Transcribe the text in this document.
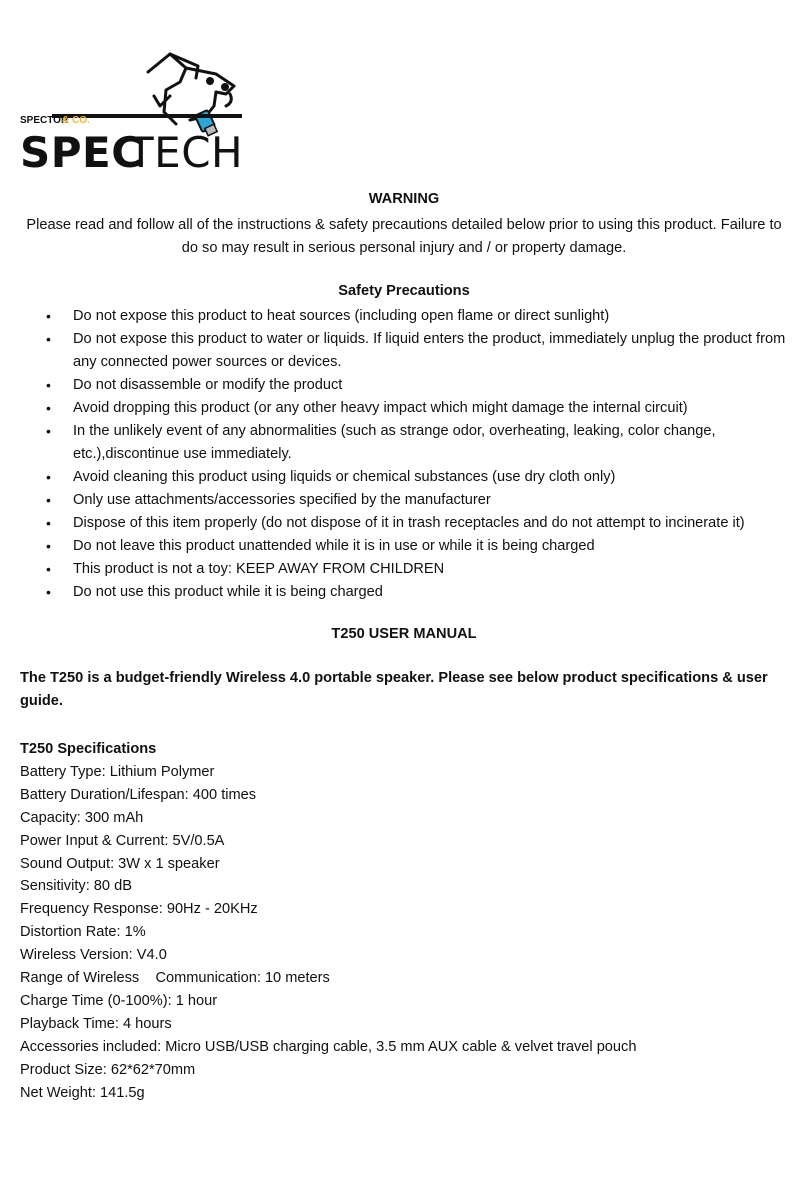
SPECTOR
& CO.
SPEC
TECH
WARNING
Please read and follow all of the instructions & safety precautions detailed below prior to using this product. Failure to do so may result in serious personal injury and / or property damage.
Safety Precautions
• Do not expose this product to heat sources (including open flame or direct sunlight)
• Do not expose this product to water or liquids. If liquid enters the product, immediately unplug the product from any connected power sources or devices.
• Do not disassemble or modify the product
• Avoid dropping this product (or any other heavy impact which might damage the internal circuit)
• In the unlikely event of any abnormalities (such as strange odor, overheating, leaking, color change, etc.),discontinue use immediately.
• Avoid cleaning this product using liquids or chemical substances (use dry cloth only)
• Only use attachments/accessories specified by the manufacturer
• Dispose of this item properly (do not dispose of it in trash receptacles and do not attempt to incinerate it)
• Do not leave this product unattended while it is in use or while it is being charged
• This product is not a toy: KEEP AWAY FROM CHILDREN
• Do not use this product while it is being charged
T250 USER MANUAL
The T250 is a budget-friendly Wireless 4.0 portable speaker. Please see below product specifications & user guide.
T250 Specifications
Battery Type: Lithium Polymer
Battery Duration/Lifespan: 400 times
Capacity: 300 mAh
Power Input & Current: 5V/0.5A
Sound Output: 3W x 1 speaker
Sensitivity: 80 dB
Frequency Response: 90Hz - 20KHz
Distortion Rate: 1%
Wireless Version: V4.0
Range of Wireless    Communication: 10 meters
Charge Time (0-100%): 1 hour
Playback Time: 4 hours
Accessories included: Micro USB/USB charging cable, 3.5 mm AUX cable & velvet travel pouch
Product Size: 62*62*70mm
Net Weight: 141.5g
